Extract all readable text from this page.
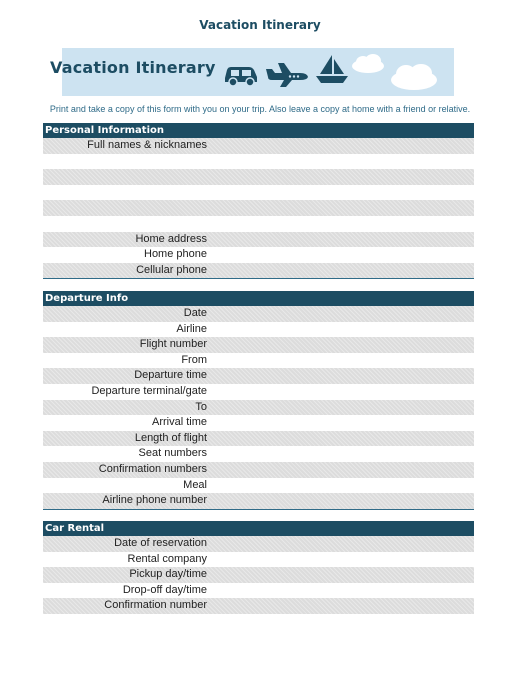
Vacation Itinerary
Vacation Itinerary
Print and take a copy of this form with you on your trip. Also leave a copy at home with a friend or relative.
Personal Information
Full names & nicknames
Home address
Home phone
Cellular phone
Departure Info
Date
Airline
Flight number
From
Departure time
Departure terminal/gate
To
Arrival time
Length of flight
Seat numbers
Confirmation numbers
Meal
Airline phone number
Car Rental
Date of reservation
Rental company
Pickup day/time
Drop-off day/time
Confirmation number
